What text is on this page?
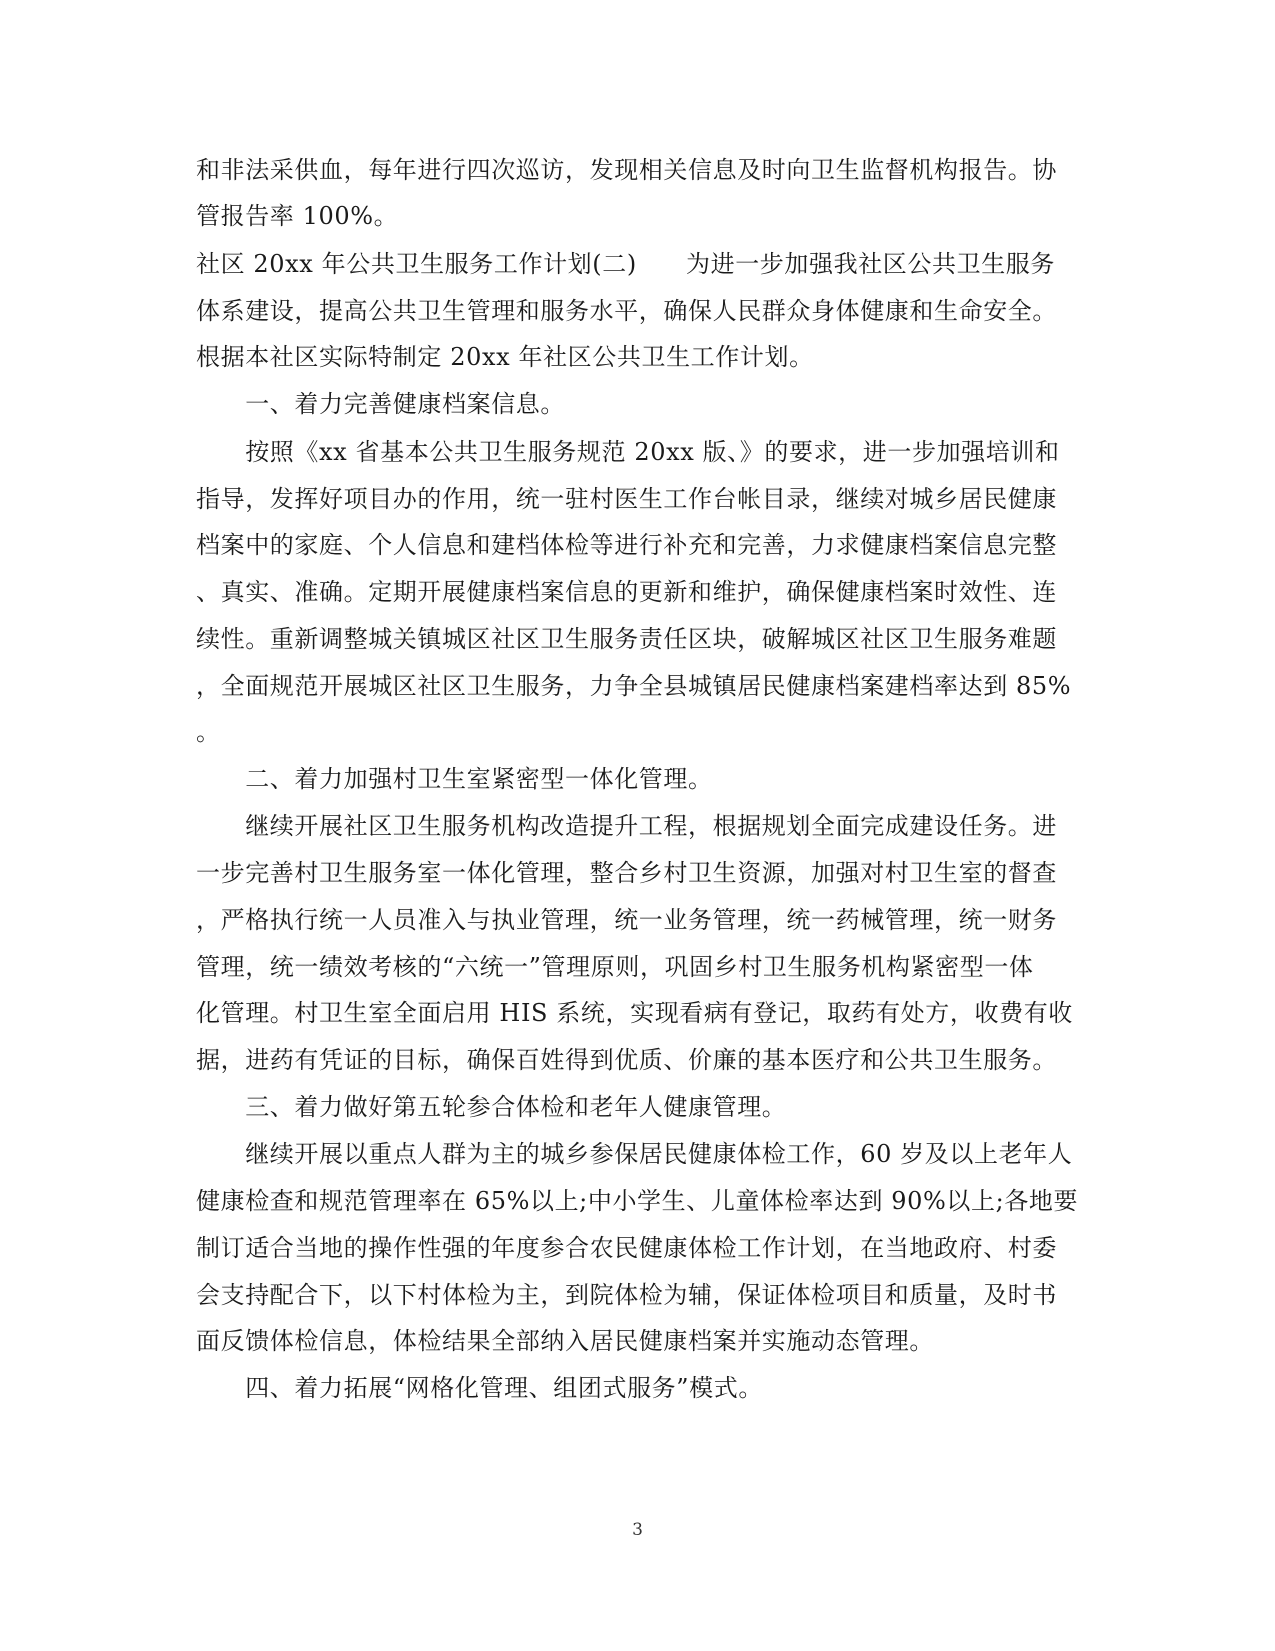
和非法采供血，每年进行四次巡访，发现相关信息及时向卫生监督机构报告。协
管报告率 100%。
社区 20xx 年公共卫生服务工作计划(二)　　为进一步加强我社区公共卫生服务
体系建设，提高公共卫生管理和服务水平，确保人民群众身体健康和生命安全。
根据本社区实际特制定 20xx 年社区公共卫生工作计划。
　　一、着力完善健康档案信息。
　　按照《xx 省基本公共卫生服务规范 20xx 版、》的要求，进一步加强培训和
指导，发挥好项目办的作用，统一驻村医生工作台帐目录，继续对城乡居民健康
档案中的家庭、个人信息和建档体检等进行补充和完善，力求健康档案信息完整
、真实、准确。定期开展健康档案信息的更新和维护，确保健康档案时效性、连
续性。重新调整城关镇城区社区卫生服务责任区块，破解城区社区卫生服务难题
，全面规范开展城区社区卫生服务，力争全县城镇居民健康档案建档率达到 85%
。
　　二、着力加强村卫生室紧密型一体化管理。
　　继续开展社区卫生服务机构改造提升工程，根据规划全面完成建设任务。进
一步完善村卫生服务室一体化管理，整合乡村卫生资源，加强对村卫生室的督查
，严格执行统一人员准入与执业管理，统一业务管理，统一药械管理，统一财务
管理，统一绩效考核的“六统一”管理原则，巩固乡村卫生服务机构紧密型一体
化管理。村卫生室全面启用 HIS 系统，实现看病有登记，取药有处方，收费有收
据，进药有凭证的目标，确保百姓得到优质、价廉的基本医疗和公共卫生服务。
　　三、着力做好第五轮参合体检和老年人健康管理。
　　继续开展以重点人群为主的城乡参保居民健康体检工作，60 岁及以上老年人
健康检查和规范管理率在 65%以上;中小学生、儿童体检率达到 90%以上;各地要
制订适合当地的操作性强的年度参合农民健康体检工作计划，在当地政府、村委
会支持配合下，以下村体检为主，到院体检为辅，保证体检项目和质量，及时书
面反馈体检信息，体检结果全部纳入居民健康档案并实施动态管理。
　　四、着力拓展“网格化管理、组团式服务”模式。
3
